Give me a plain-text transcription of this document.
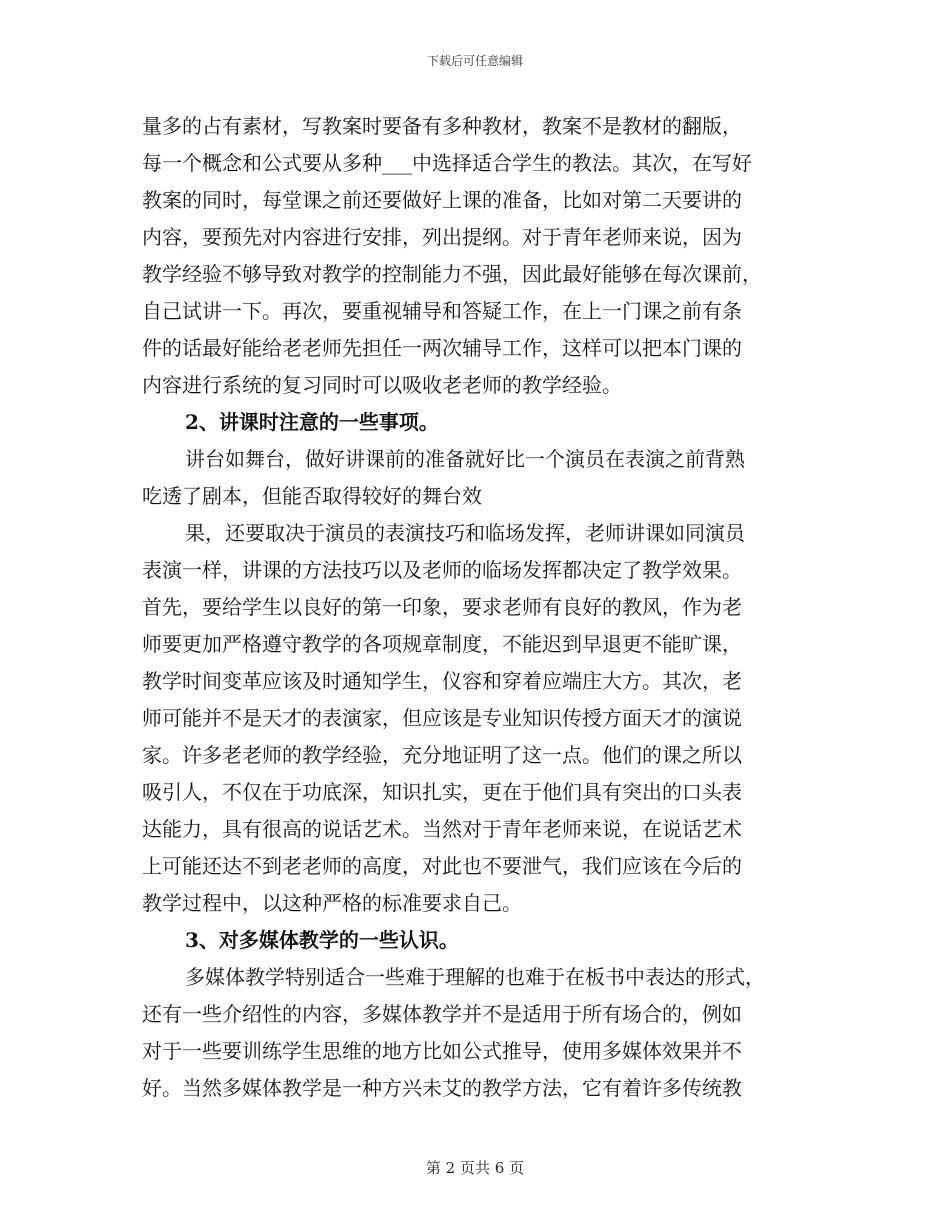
下载后可任意编辑
量多的占有素材，写教案时要备有多种教材，教案不是教材的翻版，
每一个概念和公式要从多种___中选择适合学生的教法。其次，在写好
教案的同时，每堂课之前还要做好上课的准备，比如对第二天要讲的
内容，要预先对内容进行安排，列出提纲。对于青年老师来说，因为
教学经验不够导致对教学的控制能力不强，因此最好能够在每次课前，
自己试讲一下。再次，要重视辅导和答疑工作，在上一门课之前有条
件的话最好能给老老师先担任一两次辅导工作，这样可以把本门课的
内容进行系统的复习同时可以吸收老老师的教学经验。
2、讲课时注意的一些事项。
讲台如舞台，做好讲课前的准备就好比一个演员在表演之前背熟
吃透了剧本，但能否取得较好的舞台效
果，还要取决于演员的表演技巧和临场发挥，老师讲课如同演员
表演一样，讲课的方法技巧以及老师的临场发挥都决定了教学效果。
首先，要给学生以良好的第一印象，要求老师有良好的教风，作为老
师要更加严格遵守教学的各项规章制度，不能迟到早退更不能旷课，
教学时间变革应该及时通知学生，仪容和穿着应端庄大方。其次，老
师可能并不是天才的表演家，但应该是专业知识传授方面天才的演说
家。许多老老师的教学经验，充分地证明了这一点。他们的课之所以
吸引人，不仅在于功底深，知识扎实，更在于他们具有突出的口头表
达能力，具有很高的说话艺术。当然对于青年老师来说，在说话艺术
上可能还达不到老老师的高度，对此也不要泄气，我们应该在今后的
教学过程中，以这种严格的标准要求自己。
3、对多媒体教学的一些认识。
多媒体教学特别适合一些难于理解的也难于在板书中表达的形式，
还有一些介绍性的内容，多媒体教学并不是适用于所有场合的，例如
对于一些要训练学生思维的地方比如公式推导，使用多媒体效果并不
好。当然多媒体教学是一种方兴未艾的教学方法，它有着许多传统教
第 2 页共 6 页
